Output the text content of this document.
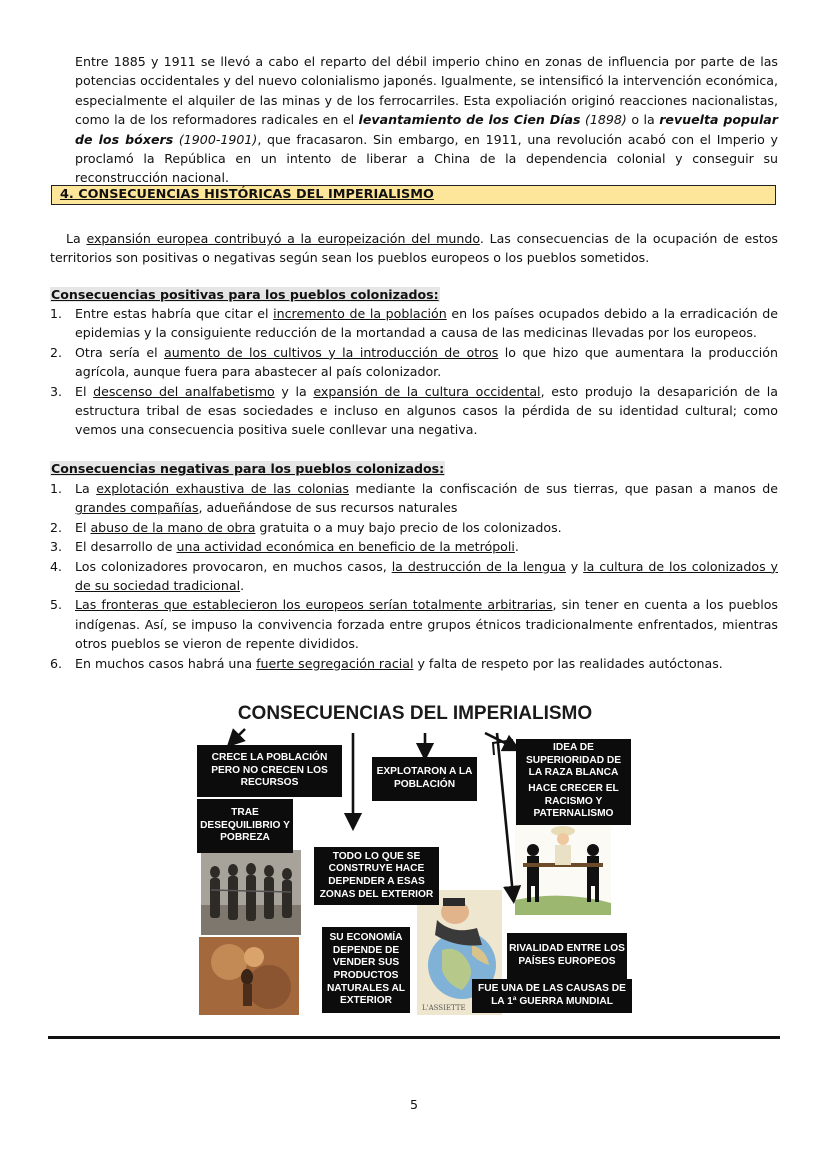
Entre 1885 y 1911 se llevó a cabo el reparto del débil imperio chino en zonas de influencia por parte de las potencias occidentales y del nuevo colonialismo japonés. Igualmente, se intensificó la intervención económica, especialmente el alquiler de las minas y de los ferrocarriles. Esta expoliación originó reacciones nacionalistas, como la de los reformadores radicales en el levantamiento de los Cien Días (1898) o la revuelta popular de los bóxers (1900-1901), que fracasaron. Sin embargo, en 1911, una revolución acabó con el Imperio y proclamó la República en un intento de liberar a China de la dependencia colonial y conseguir su reconstrucción nacional.
4. CONSECUENCIAS HISTÓRICAS DEL IMPERIALISMO
La expansión europea contribuyó a la europeización del mundo. Las consecuencias de la ocupación de estos territorios son positivas o negativas según sean los pueblos europeos o los pueblos sometidos.
Consecuencias positivas para los pueblos colonizados:
1. Entre estas habría que citar el incremento de la población en los países ocupados debido a la erradicación de epidemias y la consiguiente reducción de la mortandad a causa de las medicinas llevadas por los europeos.
2. Otra sería el aumento de los cultivos y la introducción de otros lo que hizo que aumentara la producción agrícola, aunque fuera para abastecer al país colonizador.
3. El descenso del analfabetismo y la expansión de la cultura occidental, esto produjo la desaparición de la estructura tribal de esas sociedades e incluso en algunos casos la pérdida de su identidad cultural; como vemos una consecuencia positiva suele conllevar una negativa.
Consecuencias negativas para los pueblos colonizados:
1. La explotación exhaustiva de las colonias mediante la confiscación de sus tierras, que pasan a manos de grandes compañías, adueñándose de sus recursos naturales
2. El abuso de la mano de obra gratuita o a muy bajo precio de los colonizados.
3. El desarrollo de una actividad económica en beneficio de la metrópoli.
4. Los colonizadores provocaron, en muchos casos, la destrucción de la lengua y la cultura de los colonizados y de su sociedad tradicional.
5. Las fronteras que establecieron los europeos serían totalmente arbitrarias, sin tener en cuenta a los pueblos indígenas. Así, se impuso la convivencia forzada entre grupos étnicos tradicionalmente enfrentados, mientras otros pueblos se vieron de repente divididos.
6. En muchos casos habrá una fuerte segregación racial y falta de respeto por las realidades autóctonas.
CONSECUENCIAS DEL IMPERIALISMO
L'ASSIETTE
CRECE LA POBLACIÓN PERO NO CRECEN LOS RECURSOS
TRAE DESEQUILIBRIO Y POBREZA
EXPLOTARON A LA POBLACIÓN
IDEA DE SUPERIORIDAD DE LA RAZA BLANCA
HACE CRECER EL RACISMO Y PATERNALISMO
TODO LO QUE SE CONSTRUYE HACE DEPENDER A ESAS ZONAS DEL EXTERIOR
SU ECONOMÍA DEPENDE DE VENDER SUS PRODUCTOS NATURALES AL EXTERIOR
RIVALIDAD ENTRE LOS PAÍSES EUROPEOS
FUE UNA DE LAS CAUSAS DE LA 1ª GUERRA MUNDIAL
5
